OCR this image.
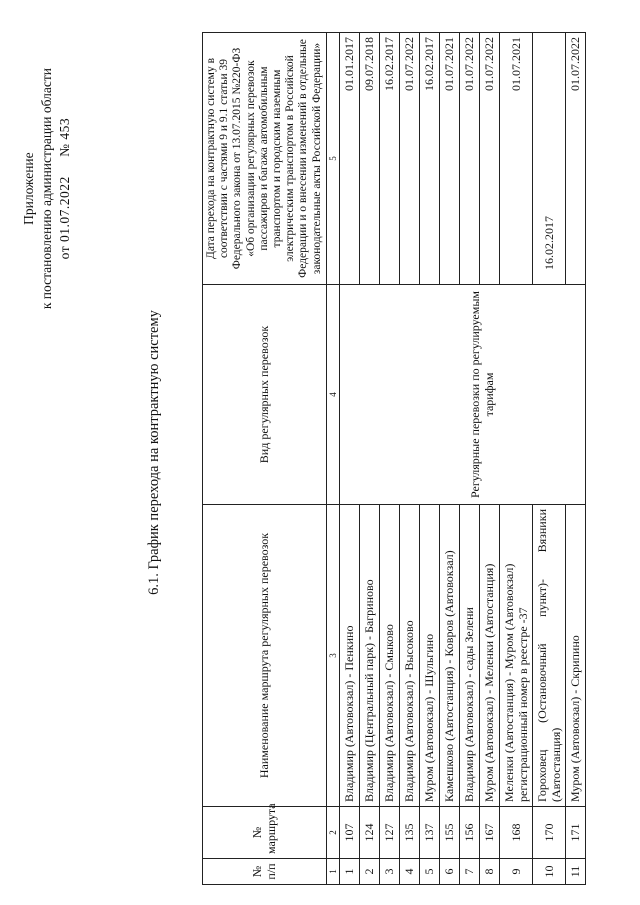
Приложение к постановлению администрации области от 01.07.2022     № 453
6.1. График перехода на контрактную систему
№ п/п	№ маршрута	Наименование маршрута регулярных перевозок	Вид регулярных перевозок	Дата перехода на контрактную систему в соответствии с частями 9 и 9.1 статьи 39 Федерального закона от 13.07.2015 №220-ФЗ «Об организации регулярных перевозок пассажиров и багажа автомобильным транспортом и городским наземным электрическим транспортом в Российской Федерации и о внесении изменений в отдельные законодательные акты Российской Федерации»
1	2	3	4	5
1	107	Владимир (Автовокзал) - Пенкино	Регулярные перевозки по регулируемым тарифам	01.01.2017
2	124	Владимир (Центральный парк) - Багриново		09.07.2018
3	127	Владимир (Автовокзал) - Смыково		16.02.2017
4	135	Владимир (Автовокзал) - Высоково		01.07.2022
5	137	Муром (Автовокзал) - Шульгино		16.02.2017
6	155	Камешково (Автостанция) - Ковров (Автовокзал)		01.07.2021
7	156	Владимир (Автовокзал) - сады Зелени		01.07.2022
8	167	Муром (Автовокзал) - Меленки (Автостанция)		01.07.2022
9	168	Меленки (Автостанция) - Муром (Автовокзал) регистрационный номер в реестре -37		01.07.2021
10	170	Гороховец (Остановочный пункт)- Вязники (Автостанция)		16.02.2017
11	171	Муром (Автовокзал) - Скрипино		01.07.2022
